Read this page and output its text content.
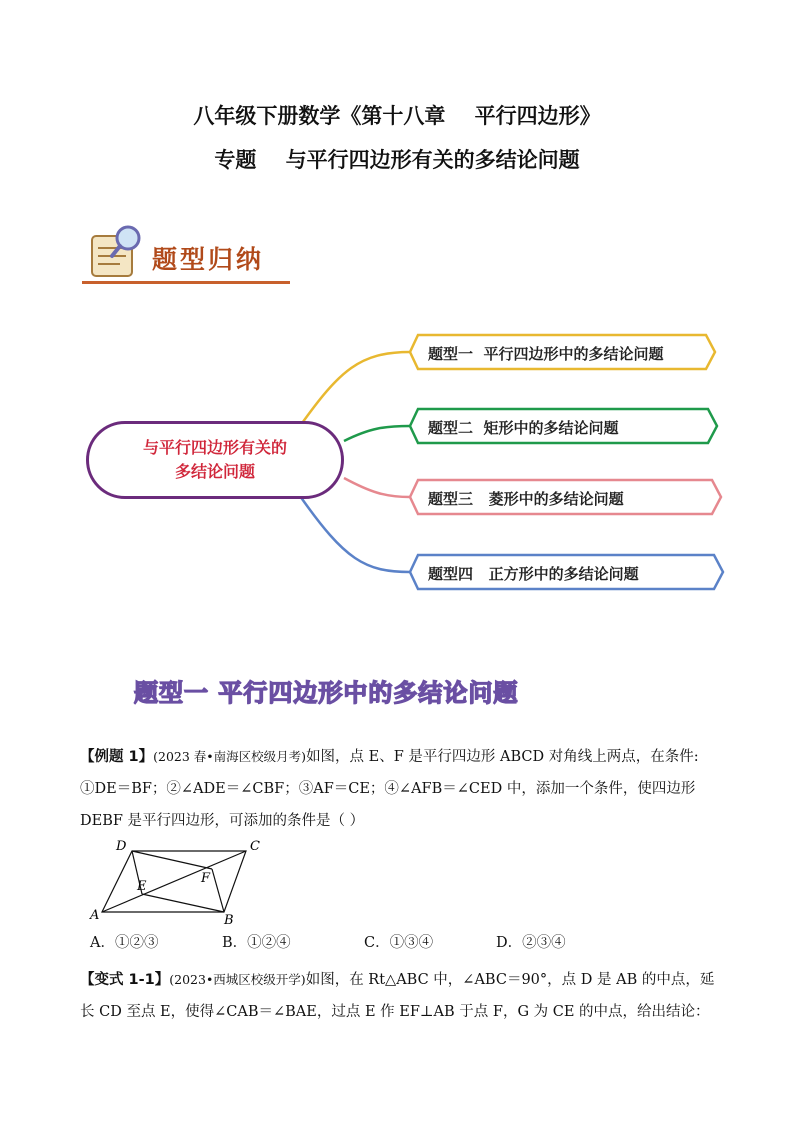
八年级下册数学《第十八章    平行四边形》
专题    与平行四边形有关的多结论问题
题型归纳
与平行四边形有关的
多结论问题
题型一  平行四边形中的多结论问题
题型二  矩形中的多结论问题
题型三   菱形中的多结论问题
题型四   正方形中的多结论问题
题型一 平行四边形中的多结论问题
【例题 1】(2023 春•南海区校级月考)如图，点 E、F 是平行四边形 ABCD 对角线上两点，在条件: ①DE＝BF；②∠ADE＝∠CBF；③AF＝CE；④∠AFB＝∠CED 中，添加一个条件，使四边形 DEBF 是平行四边形，可添加的条件是（ ）
A	B
C
D
E
F
A．①②③	B．①②④	C．①③④	D．②③④
【变式 1-1】(2023•西城区校级开学)如图，在 Rt△ABC 中，∠ABC＝90°，点 D 是 AB 的中点，延长 CD 至点 E，使得∠CAB＝∠BAE，过点 E 作 EF⊥AB 于点 F，G 为 CE 的中点，给出结论：
